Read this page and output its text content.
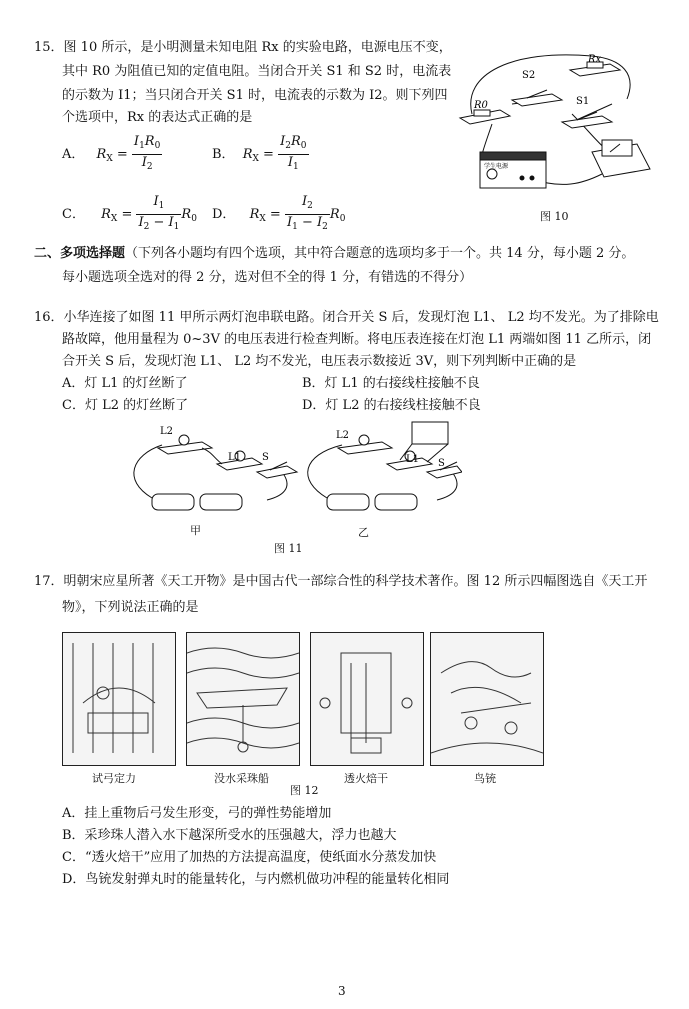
15．图 10 所示，是小明测量未知电阻 Rx 的实验电路，电源电压不变，
其中 R0 为阻值已知的定值电阻。当闭合开关 S1 和 S2 时，电流表
的示数为 I1；当只闭合开关 S1 时，电流表的示数为 I2。则下列四
个选项中，Rx 的表达式正确的是
A． $R_X = \frac{I_1R_0}{I_2}$	B． $R_X = \frac{I_2R_0}{I_1}$
C． $R_X = \frac{I_1}{I_2 - I_1} R_0$ D． $R_X = \frac{I_2}{I_1 - I_2} R_0$
Rx
S2
R0	S1
学生电源
图 10
二、多项选择题（下列各小题均有四个选项，其中符合题意的选项均多于一个。共 14 分，每小题 2 分。
每小题选项全选对的得 2 分，选对但不全的得 1 分，有错选的不得分）
16．小华连接了如图 11 甲所示两灯泡串联电路。闭合开关 S 后，发现灯泡 L1、 L2 均不发光。为了排除电
路故障，他用量程为 0~3V 的电压表进行检查判断。将电压表连接在灯泡 L1 两端如图 11 乙所示，闭
合开关 S 后，发现灯泡 L1、 L2 均不发光，电压表示数接近 3V，则下列判断中正确的是
A．灯 L1 的灯丝断了	B．灯 L1 的右接线柱接触不良
C．灯 L2 的灯丝断了	D．灯 L2 的右接线柱接触不良
L2
L1 S
L2
L1 S
甲	乙
图 11
17．明朝宋应星所著《天工开物》是中国古代一部综合性的科学技术著作。图 12 所示四幅图选自《天工开
物》，下列说法正确的是
试弓定力	没水采珠船	透火焙干	鸟铳
图 12
A．挂上重物后弓发生形变，弓的弹性势能增加
B．采珍珠人潜入水下越深所受水的压强越大，浮力也越大
C．“透火焙干”应用了加热的方法提高温度，使纸面水分蒸发加快
D．鸟铳发射弹丸时的能量转化，与内燃机做功冲程的能量转化相同
3
